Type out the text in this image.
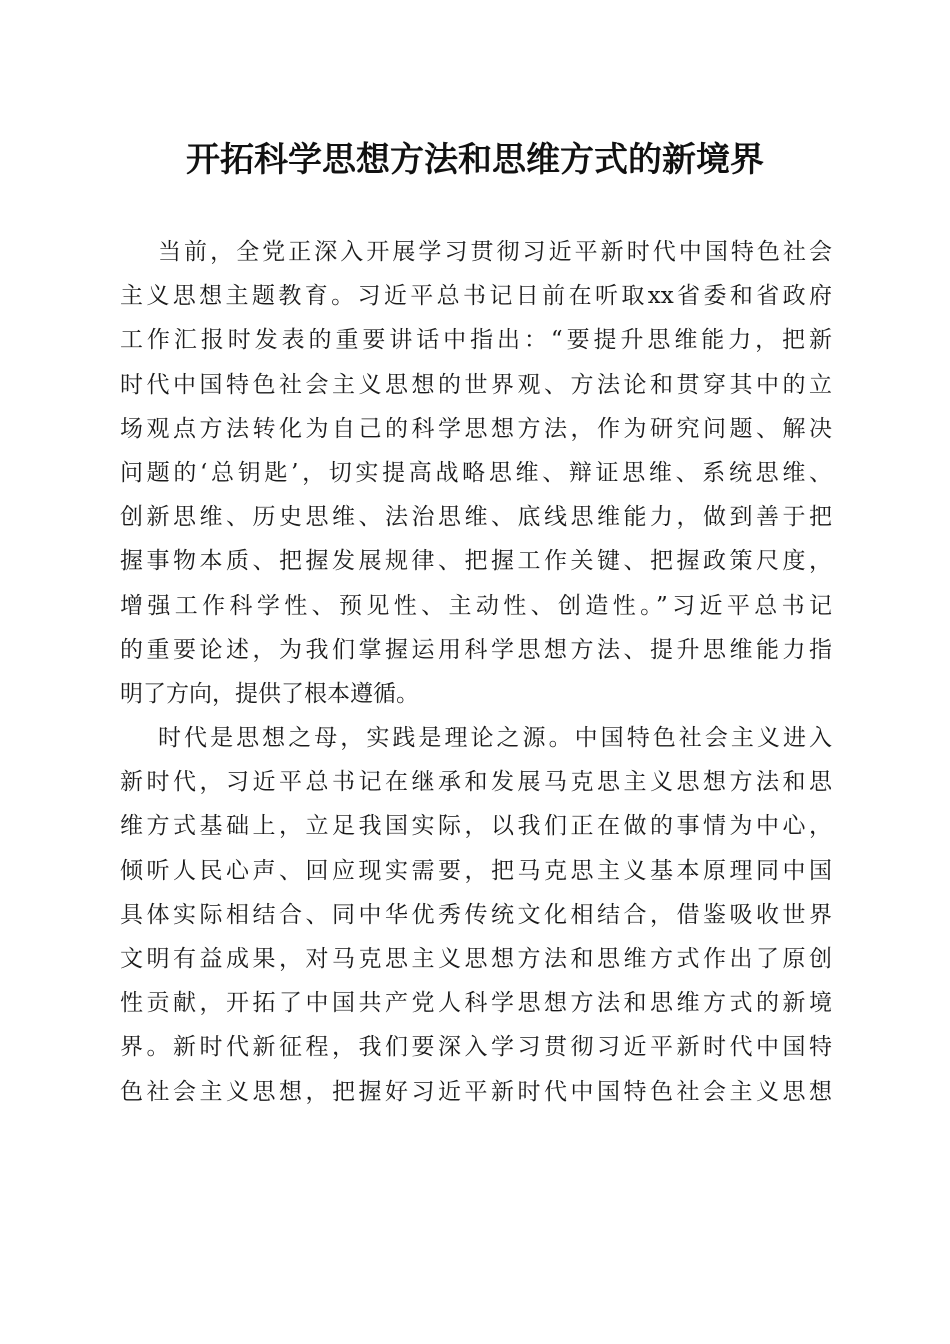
开拓科学思想方法和思维方式的新境界
当前，全党正深入开展学习贯彻习近平新时代中国特色社会
主义思想主题教育。习近平总书记日前在听取xx省委和省政府
工作汇报时发表的重要讲话中指出：“要提升思维能力，把新
时代中国特色社会主义思想的世界观、方法论和贯穿其中的立
场观点方法转化为自己的科学思想方法，作为研究问题、解决
问题的‘总钥匙’，切实提高战略思维、辩证思维、系统思维、
创新思维、历史思维、法治思维、底线思维能力，做到善于把
握事物本质、把握发展规律、把握工作关键、把握政策尺度，
增强工作科学性、预见性、主动性、创造性。”习近平总书记
的重要论述，为我们掌握运用科学思想方法、提升思维能力指
明了方向，提供了根本遵循。
时代是思想之母，实践是理论之源。中国特色社会主义进入
新时代，习近平总书记在继承和发展马克思主义思想方法和思
维方式基础上，立足我国实际，以我们正在做的事情为中心，
倾听人民心声、回应现实需要，把马克思主义基本原理同中国
具体实际相结合、同中华优秀传统文化相结合，借鉴吸收世界
文明有益成果，对马克思主义思想方法和思维方式作出了原创
性贡献，开拓了中国共产党人科学思想方法和思维方式的新境
界。新时代新征程，我们要深入学习贯彻习近平新时代中国特
色社会主义思想，把握好习近平新时代中国特色社会主义思想
